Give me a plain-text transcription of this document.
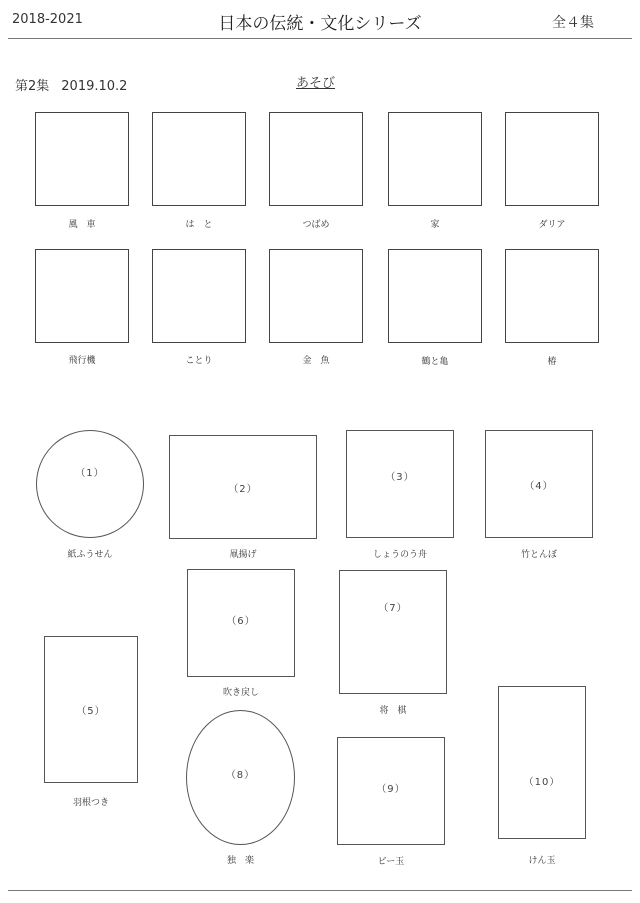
2018-2021	日本の伝統・文化シリーズ	全４集
第2集 2019.10.2	あそび
風　車	は　と	つばめ	家	ダリア
飛行機	ことり	金　魚	鶴と亀	椿
（1）
紙ふうせん
（2）
凧揚げ
（3）
しょうのう舟
（4）
竹とんぼ
（6）
吹き戻し
（7）
将　棋
（5）
羽根つき
（8）
独　楽
（9）
ビー玉
（10）
けん玉
